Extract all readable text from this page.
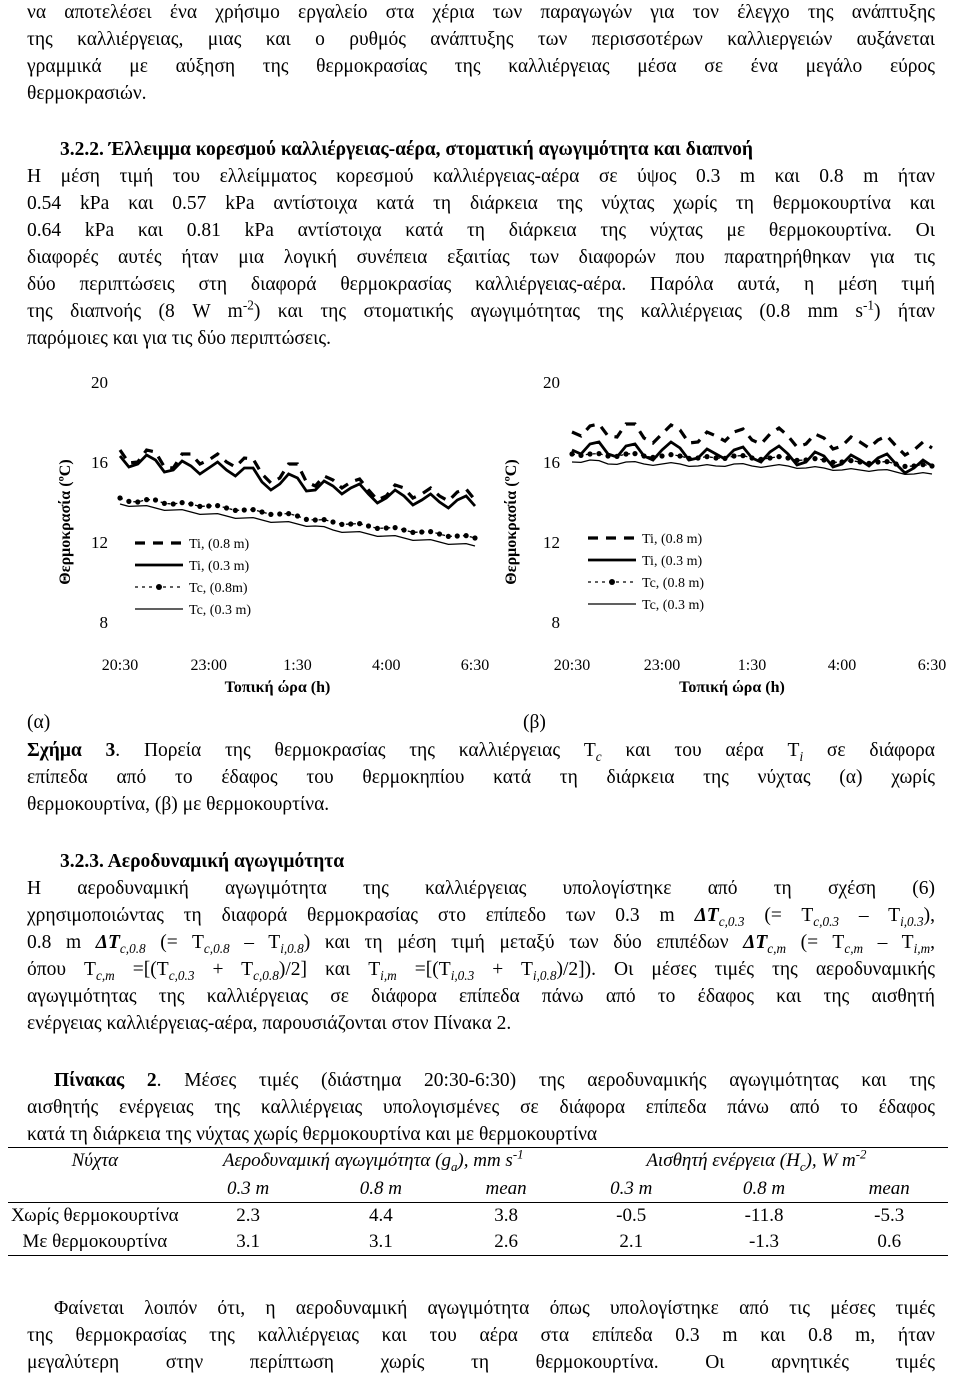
να αποτελέσει ένα χρήσιμο εργαλείο στα χέρια των παραγωγών για τον έλεγχο της ανάπτυξης
της καλλιέργειας, μιας και ο ρυθμός ανάπτυξης των περισσοτέρων καλλιεργειών αυξάνεται
γραμμικά με αύξηση της θερμοκρασίας της καλλιέργειας μέσα σε ένα μεγάλο εύρος
θερμοκρασιών.
3.2.2. Έλλειμμα κορεσμού καλλιέργειας-αέρα, στοματική αγωγιμότητα και διαπνοή
Η μέση τιμή του ελλείμματος κορεσμού καλλιέργειας-αέρα σε ύψος 0.3 m και 0.8 m ήταν
0.54 kPa και 0.57 kPa αντίστοιχα κατά τη διάρκεια της νύχτας χωρίς τη θερμοκουρτίνα και
0.64 kPa και 0.81 kPa αντίστοιχα κατά τη διάρκεια της νύχτας με θερμοκουρτίνα. Οι
διαφορές αυτές ήταν μια λογική συνέπεια εξαιτίας των διαφορών που παρατηρήθηκαν για τις
δύο περιπτώσεις στη διαφορά θερμοκρασίας καλλιέργειας-αέρα. Παρόλα αυτά, η μέση τιμή
της διαπνοής (8 W $m^{-2}$) και της στοματικής αγωγιμότητας της καλλιέργειας (0.8 mm $s^{-1}$) ήταν
παρόμοιες και για τις δύο περιπτώσεις.
Θερμοκρασία (ºC)
20
16
12
8
20:30	23:00	1:30	4:00	6:30
Τοπική ώρα (h)
Ti, (0.8 m)
Ti, (0.3 m)
Tc, (0.8m)
Tc, (0.3 m)
Θερμοκρασία (ºC)
20
16
12
8
20:30	23:00	1:30	4:00	6:30
Τοπική ώρα (h)
Ti, (0.8 m)
Ti, (0.3 m)
Tc, (0.8 m)
Tc, (0.3 m)
(α)	(β)
Σχήμα 3. Πορεία της θερμοκρασίας της καλλιέργειας $T_c$ και του αέρα $T_i$ σε διάφορα
επίπεδα από το έδαφος του θερμοκηπίου κατά τη διάρκεια της νύχτας (α) χωρίς
θερμοκουρτίνα, (β) με θερμοκουρτίνα.
3.2.3. Αεροδυναμική αγωγιμότητα
Η αεροδυναμική αγωγιμότητα της καλλιέργειας υπολογίστηκε από τη σχέση (6)
χρησιμοποιώντας τη διαφορά θερμοκρασίας στο επίπεδο των 0.3 m $\Delta T_{c,0.3}$ (= $T_{c,0.3} - T_{i,0.3}$),
0.8 m $\Delta T_{c,0.8}$ (= $T_{c,0.8} - T_{i,0.8}$) και τη μέση τιμή μεταξύ των δύο επιπέδων $\Delta T_{c,m}$ (= $T_{c,m} - T_{i,m}$,
όπου $T_{c,m} =[(T_{c,0.3} + T_{c,0.8})/2]$ και $T_{i,m} =[(T_{i,0.3} + T_{i,0.8})/2]$). Οι μέσες τιμές της αεροδυναμικής
αγωγιμότητας της καλλιέργειας σε διάφορα επίπεδα πάνω από το έδαφος και της αισθητή
ενέργειας καλλιέργειας-αέρα, παρουσιάζονται στον Πίνακα 2.
Πίνακας 2. Μέσες τιμές (διάστημα 20:30-6:30) της αεροδυναμικής αγωγιμότητας και της
αισθητής ενέργειας της καλλιέργειας υπολογισμένες σε διάφορα επίπεδα πάνω από το έδαφος
κατά τη διάρκεια της νύχτας χωρίς θερμοκουρτίνα και με θερμοκουρτίνα
Νύχτα	Αεροδυναμική αγωγιμότητα $(g_a)$, mm $s^{-1}$			Αισθητή ενέργεια $(H_c)$, W $m^{-2}$
	0.3 m	0.8 m	mean	0.3 m	0.8 m	mean
Χωρίς θερμοκουρτίνα	2.3	4.4	3.8	-0.5	-11.8	-5.3
Με θερμοκουρτίνα	3.1	3.1	2.6	2.1	-1.3	0.6
Φαίνεται λοιπόν ότι, η αεροδυναμική αγωγιμότητα όπως υπολογίστηκε από τις μέσες τιμές
της θερμοκρασίας της καλλιέργειας και του αέρα στα επίπεδα 0.3 m και 0.8 m, ήταν
μεγαλύτερη στην περίπτωση χωρίς τη θερμοκουρτίνα. Οι αρνητικές τιμές
